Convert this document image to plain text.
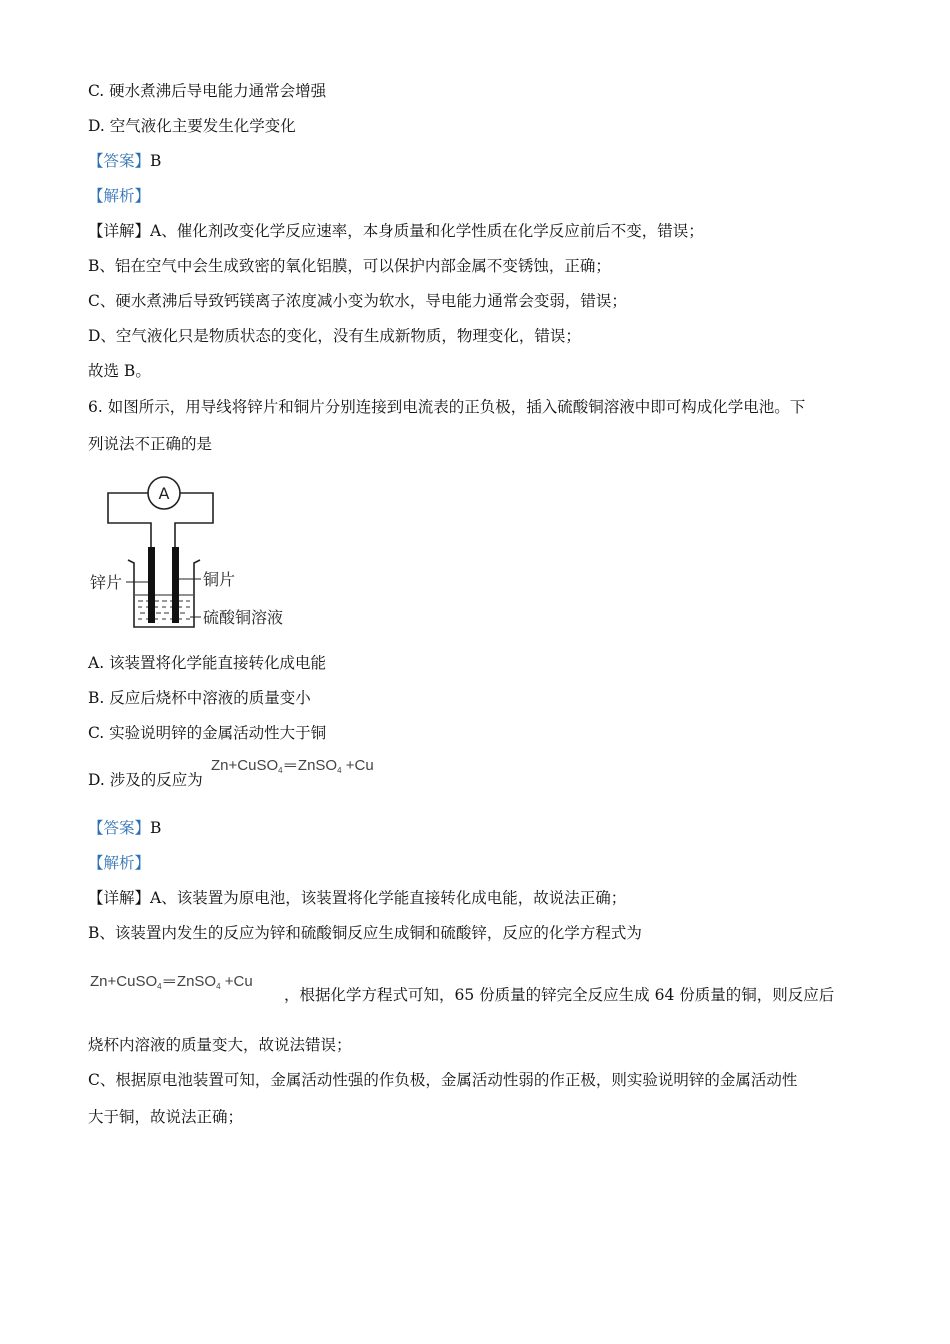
C. 硬水煮沸后导电能力通常会增强
D. 空气液化主要发生化学变化
【答案】B
【解析】
【详解】A、催化剂改变化学反应速率，本身质量和化学性质在化学反应前后不变，错误；
B、铝在空气中会生成致密的氧化铝膜，可以保护内部金属不变锈蚀，正确；
C、硬水煮沸后导致钙镁离子浓度减小变为软水，导电能力通常会变弱，错误；
D、空气液化只是物质状态的变化，没有生成新物质，物理变化，错误；
故选 B。
6. 如图所示，用导线将锌片和铜片分别连接到电流表的正负极，插入硫酸铜溶液中即可构成化学电池。下
列说法不正确的是
A
锌片	铜片
硫酸铜溶液
A. 该装置将化学能直接转化成电能
B. 反应后烧杯中溶液的质量变小
C. 实验说明锌的金属活动性大于铜
D. 涉及的反应为
Zn+CuSO$_4$ ═ ZnSO$_4$ +Cu
【答案】B
【解析】
【详解】A、该装置为原电池，该装置将化学能直接转化成电能，故说法正确；
B、该装置内发生的反应为锌和硫酸铜反应生成铜和硫酸锌，反应的化学方程式为
Zn+CuSO$_4$ ═ ZnSO$_4$ +Cu
，根据化学方程式可知，65 份质量的锌完全反应生成 64 份质量的铜，则反应后
烧杯内溶液的质量变大，故说法错误；
C、根据原电池装置可知，金属活动性强的作负极，金属活动性弱的作正极，则实验说明锌的金属活动性
大于铜，故说法正确；
